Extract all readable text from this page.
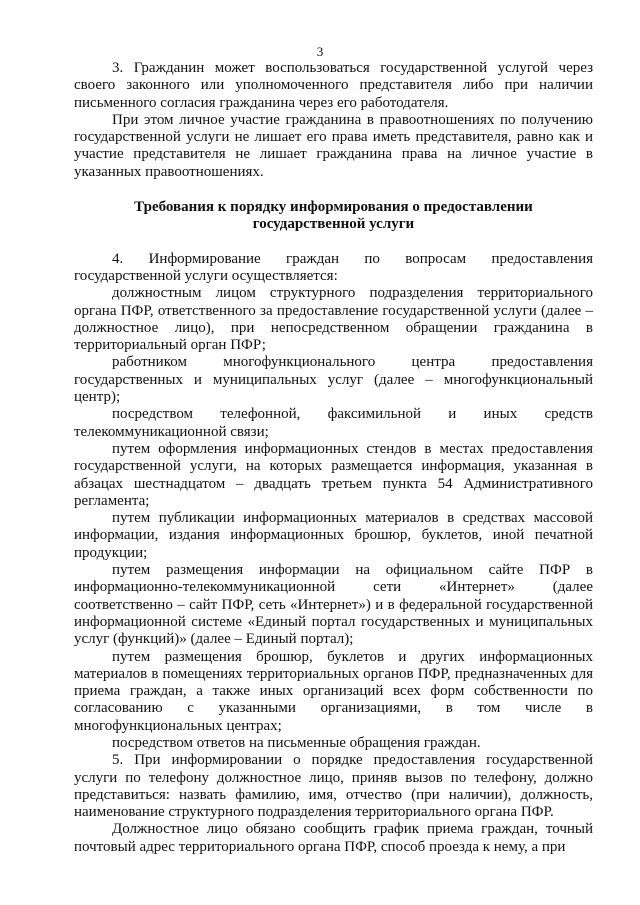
3

3. Гражданин может воспользоваться государственной услугой через своего законного или уполномоченного представителя либо при наличии письменного согласия гражданина через его работодателя.

При этом личное участие гражданина в правоотношениях по получению государственной услуги не лишает его права иметь представителя, равно как и участие представителя не лишает гражданина права на личное участие в указанных правоотношениях.

Требования к порядку информирования о предоставлении
государственной услуги

4. Информирование граждан по вопросам предоставления государственной услуги осуществляется:

должностным лицом структурного подразделения территориального органа ПФР, ответственного за предоставление государственной услуги (далее – должностное лицо), при непосредственном обращении гражданина в территориальный орган ПФР;

работником многофункционального центра предоставления государственных и муниципальных услуг (далее – многофункциональный центр);

посредством телефонной, факсимильной и иных средств телекоммуникационной связи;

путем оформления информационных стендов в местах предоставления государственной услуги, на которых размещается информация, указанная в абзацах шестнадцатом – двадцать третьем пункта 54 Административного регламента;

путем публикации информационных материалов в средствах массовой информации, издания информационных брошюр, буклетов, иной печатной продукции;

путем размещения информации на официальном сайте ПФР в информационно-телекоммуникационной сети «Интернет» (далее соответственно – сайт ПФР, сеть «Интернет») и в федеральной государственной информационной системе «Единый портал государственных и муниципальных услуг (функций)» (далее – Единый портал);

путем размещения брошюр, буклетов и других информационных материалов в помещениях территориальных органов ПФР, предназначенных для приема граждан, а также иных организаций всех форм собственности по согласованию с указанными организациями, в том числе в многофункциональных центрах;

посредством ответов на письменные обращения граждан.

5. При информировании о порядке предоставления государственной услуги по телефону должностное лицо, приняв вызов по телефону, должно представиться: назвать фамилию, имя, отчество (при наличии), должность, наименование структурного подразделения территориального органа ПФР.

Должностное лицо обязано сообщить график приема граждан, точный почтовый адрес территориального органа ПФР, способ проезда к нему, а при
